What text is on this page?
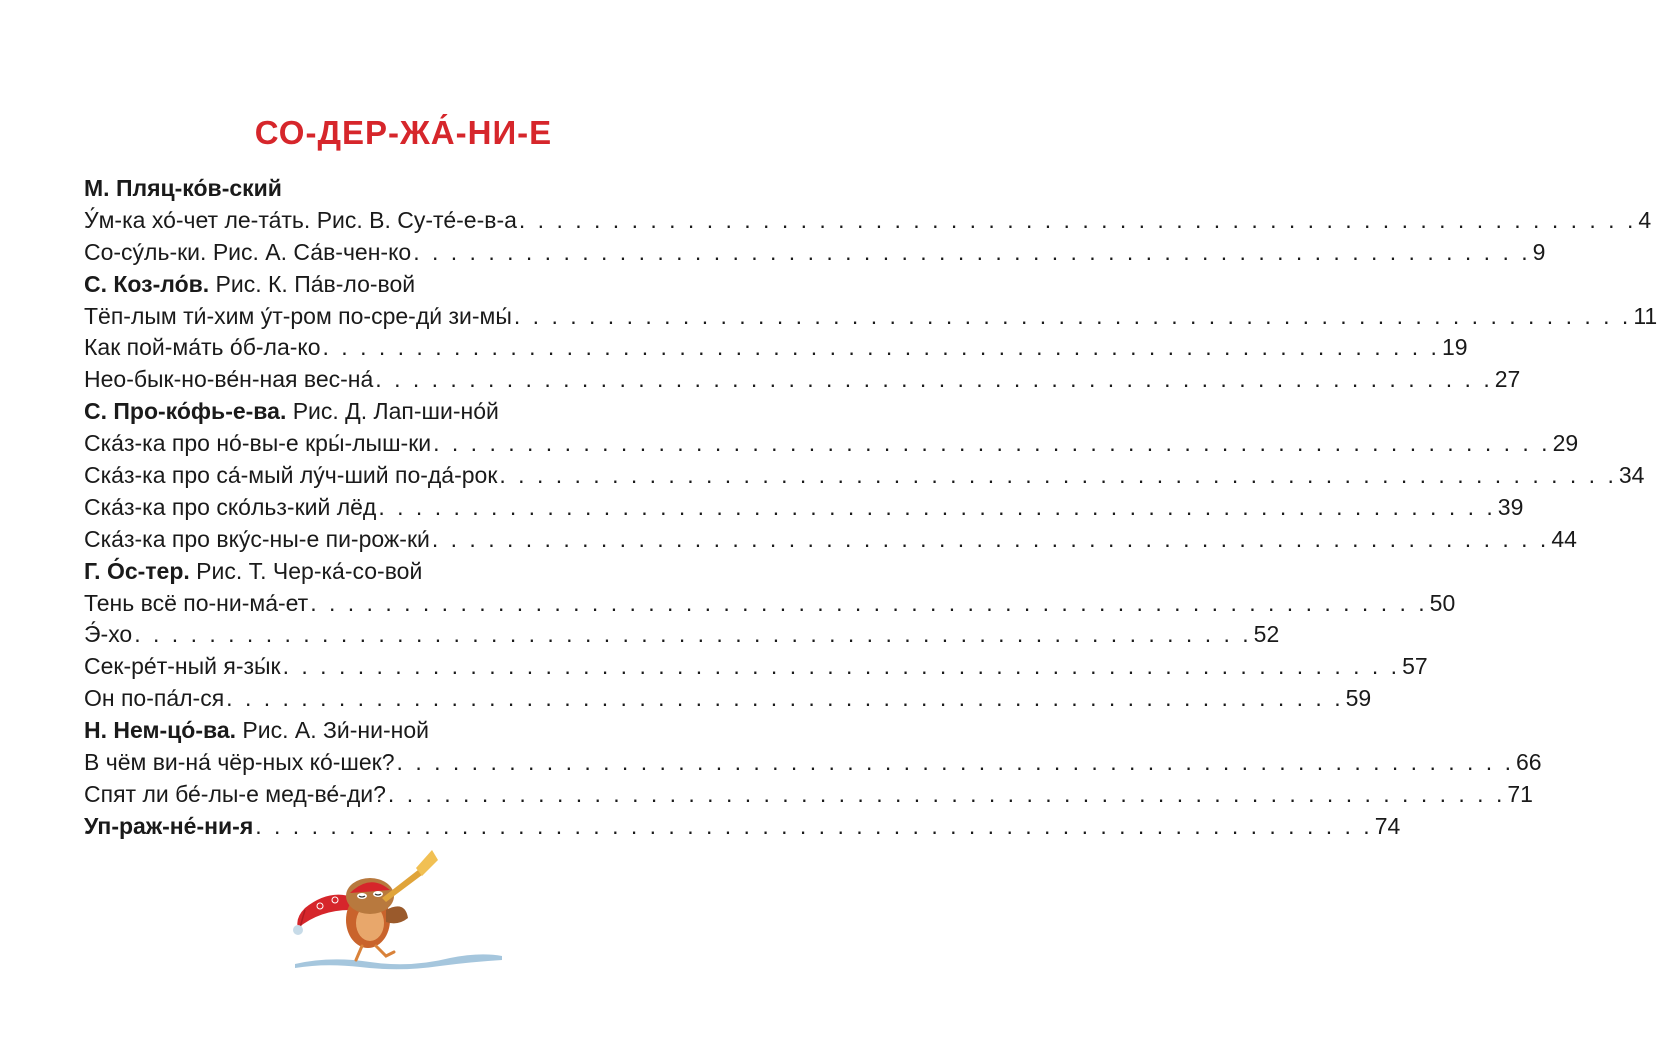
СО-ДЕР-ЖА́-НИ-Е
М. Пляц-ко́в-ский
У́м-ка хо́-чет ле-та́ть. Рис. В. Су-те́-е-в-а . . . . . . . . . . . . . . . . . . . . . . . . . . . . . . . . . . . . . . . . . . . . . . . . . . . . . . . . . . . . 4
Со-су́ль-ки. Рис. А. Са́в-чен-ко . . . . . . . . . . . . . . . . . . . . . . . . . . . . . . . . . . . . . . . . . . . . . . . . . . . . . . . . . . . . 9
С. Коз-ло́в. Рис. К. Па́в-ло-вой
Тёп-лым ти́-хим у́т-ром по-сре-ди́ зи-мы́ . . . . . . . . . . . . . . . . . . . . . . . . . . . . . . . . . . . . . . . . . . . . . . . . . . . . . . . . . . . . 11
Как пой-ма́ть о́б-ла-ко . . . . . . . . . . . . . . . . . . . . . . . . . . . . . . . . . . . . . . . . . . . . . . . . . . . . . . . . . . . . 19
Нео-бык-но-ве́н-ная вес-на́ . . . . . . . . . . . . . . . . . . . . . . . . . . . . . . . . . . . . . . . . . . . . . . . . . . . . . . . . . . . . 27
С. Про-ко́фь-е-ва. Рис. Д. Лап-ши-но́й
Ска́з-ка про но́-вы-е кры́-лыш-ки . . . . . . . . . . . . . . . . . . . . . . . . . . . . . . . . . . . . . . . . . . . . . . . . . . . . . . . . . . . . 29
Ска́з-ка про са́-мый лу́ч-ший по-да́-рок . . . . . . . . . . . . . . . . . . . . . . . . . . . . . . . . . . . . . . . . . . . . . . . . . . . . . . . . . . . . 34
Ска́з-ка про ско́льз-кий лёд . . . . . . . . . . . . . . . . . . . . . . . . . . . . . . . . . . . . . . . . . . . . . . . . . . . . . . . . . . . . 39
Ска́з-ка про вку́с-ны-е пи-рож-ки́ . . . . . . . . . . . . . . . . . . . . . . . . . . . . . . . . . . . . . . . . . . . . . . . . . . . . . . . . . . . . 44
Г. О́с-тер. Рис. Т. Чер-ка́-со-вой
Тень всё по-ни-ма́-ет . . . . . . . . . . . . . . . . . . . . . . . . . . . . . . . . . . . . . . . . . . . . . . . . . . . . . . . . . . . . 50
Э́-хо . . . . . . . . . . . . . . . . . . . . . . . . . . . . . . . . . . . . . . . . . . . . . . . . . . . . . . . . . . . . 52
Сек-ре́т-ный я-зы́к . . . . . . . . . . . . . . . . . . . . . . . . . . . . . . . . . . . . . . . . . . . . . . . . . . . . . . . . . . . . 57
Он по-па́л-ся . . . . . . . . . . . . . . . . . . . . . . . . . . . . . . . . . . . . . . . . . . . . . . . . . . . . . . . . . . . . 59
Н. Нем-цо́-ва. Рис. А. Зи́-ни-ной
В чём ви-на́ чёр-ных ко́-шек? . . . . . . . . . . . . . . . . . . . . . . . . . . . . . . . . . . . . . . . . . . . . . . . . . . . . . . . . . . . . 66
Спят ли бе́-лы-е мед-ве́-ди? . . . . . . . . . . . . . . . . . . . . . . . . . . . . . . . . . . . . . . . . . . . . . . . . . . . . . . . . . . . . 71
Уп-раж-не́-ни-я . . . . . . . . . . . . . . . . . . . . . . . . . . . . . . . . . . . . . . . . . . . . . . . . . . . . . . . . . . . . 74
